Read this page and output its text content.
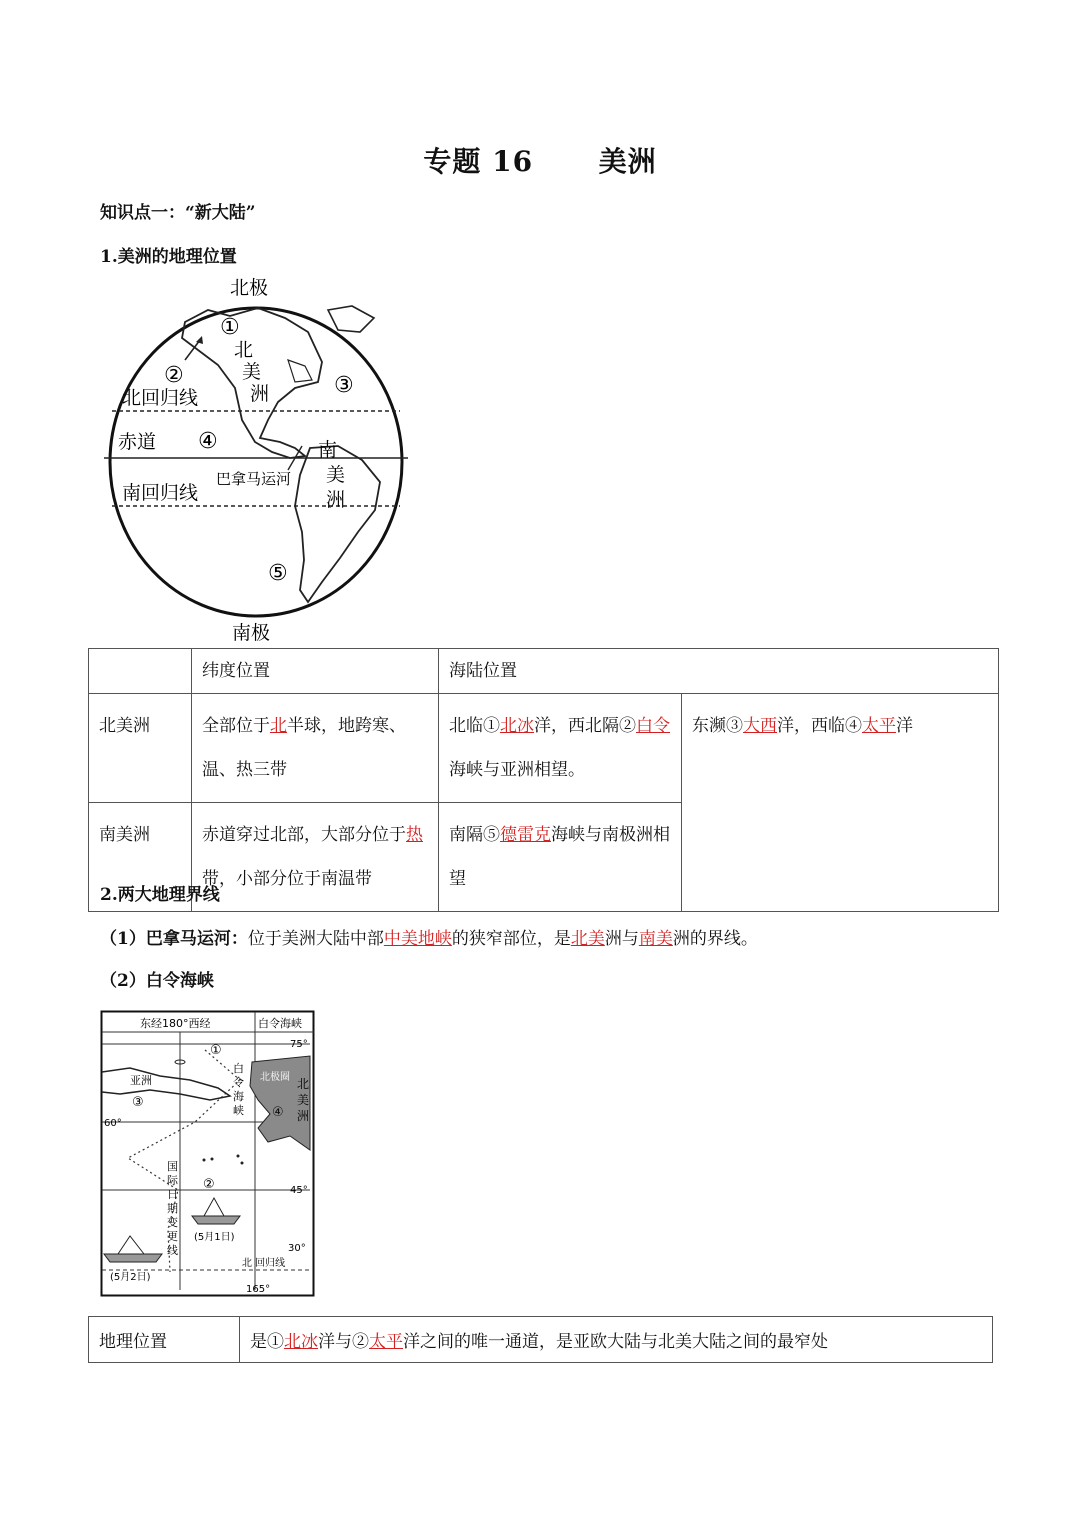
专题 16 美洲
知识点一：“新大陆”
1.美洲的地理位置
北极
南极
①
②	③
④
⑤
北
美
洲
南
美
洲
北回归线
赤道
南回归线
巴拿马运河
	纬度位置	海陆位置	
北美洲	全部位于北半球，地跨寒、温、热三带	北临①北冰洋，西北隔②白令海峡与亚洲相望。	东濒③大西洋，西临④太平洋
南美洲	赤道穿过北部，大部分位于热带，小部分位于南温带	南隔⑤德雷克海峡与南极洲相望	
2.两大地理界线
（1）巴拿马运河：位于美洲大陆中部中美地峡的狭窄部位，是北美洲与南美洲的界线。
（2）白令海峡
东经180°西经	白令海峡
75°
60°
45°
30°
北极圈
亚洲	北
美
洲
白
令
海
峡
国
际
日
期
变
更
线
①
②
③
④
(5月1日)
(5月2日)
北 回归线
165°
地理位置	是①北冰洋与②太平洋之间的唯一通道，是亚欧大陆与北美大陆之间的最窄处
